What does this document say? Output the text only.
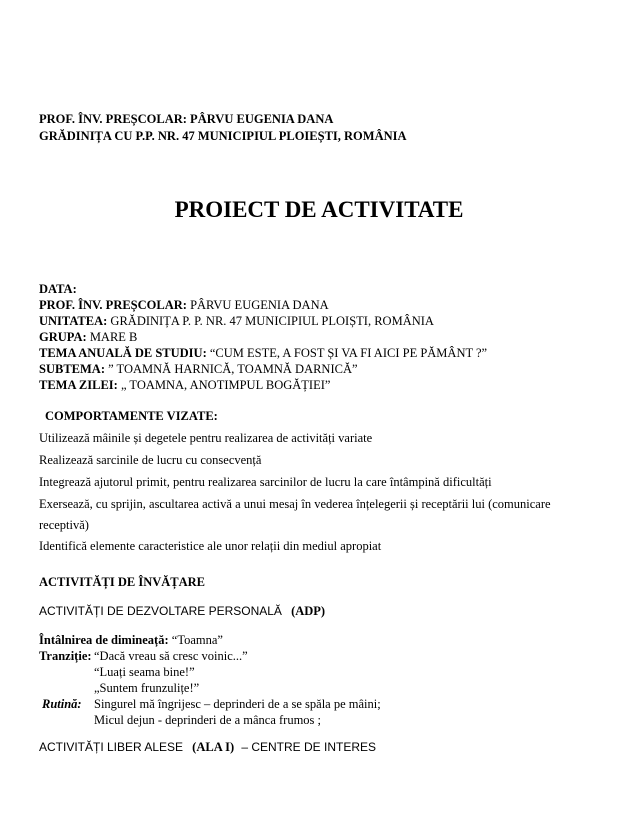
PROF. ÎNV. PREȘCOLAR: PÂRVU EUGENIA DANA
GRĂDINIȚA CU P.P. NR. 47 MUNICIPIUL PLOIEȘTI, ROMÂNIA
PROIECT DE ACTIVITATE
DATA:
PROF. ÎNV. PREȘCOLAR: PÂRVU EUGENIA DANA
UNITATEA: GRĂDINIȚA P. P. NR. 47 MUNICIPIUL PLOIȘTI, ROMÂNIA
GRUPA: MARE B
TEMA ANUALĂ DE STUDIU: “CUM ESTE, A FOST ȘI VA FI AICI PE PĂMÂNT ?”
SUBTEMA: ” TOAMNĂ HARNICĂ, TOAMNĂ DARNICĂ”
TEMA ZILEI: „ TOAMNA, ANOTIMPUL BOGĂȚIEI”
COMPORTAMENTE VIZATE:
Utilizează mâinile și degetele pentru realizarea de activități variate
Realizează sarcinile de lucru cu consecvență
Integrează ajutorul primit, pentru realizarea sarcinilor de lucru la care întâmpină dificultăți
Exersează, cu sprijin, ascultarea activă a unui mesaj în vederea înțelegerii și receptării lui (comunicare
receptivă)
Identifică elemente caracteristice ale unor relații din mediul apropiat
ACTIVITĂȚI DE ÎNVĂȚARE
ACTIVITĂȚI DE DEZVOLTARE PERSONALĂ (ADP)
Întâlnirea de dimineață: “Toamna”
Tranziție: “Dacă vreau să cresc voinic...”
“Luați seama bine!”
„Suntem frunzulițe!”
Rutină: Singurel mă îngrijesc – deprinderi de a se spăla pe mâini;
Micul dejun - deprinderi de a mânca frumos ;
ACTIVITĂȚI LIBER ALESE (ALA I) – CENTRE DE INTERES
